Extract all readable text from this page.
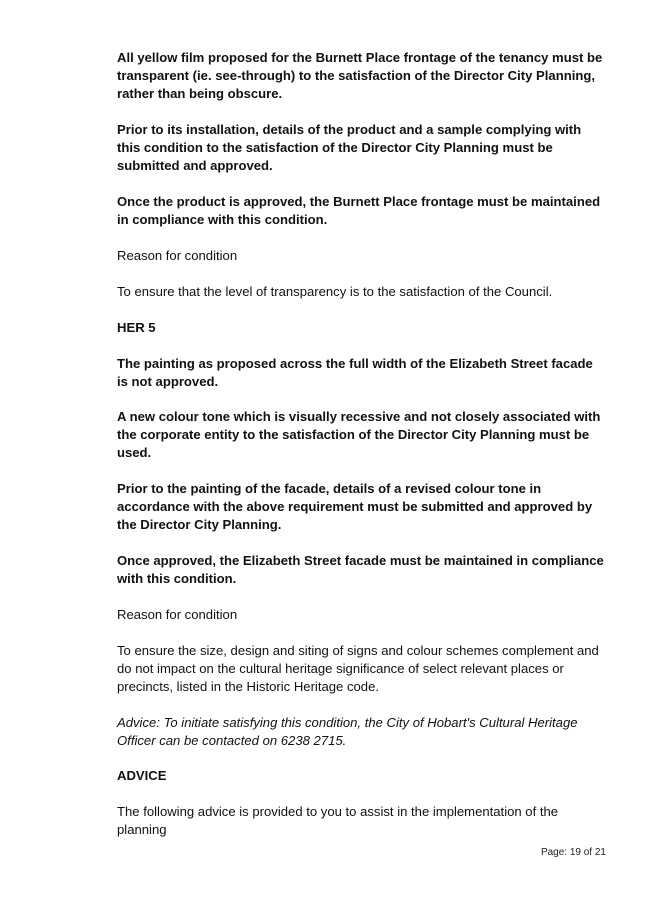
All yellow film proposed for the Burnett Place frontage of the tenancy must be transparent (ie. see-through) to the satisfaction of the Director City Planning, rather than being obscure.

Prior to its installation, details of the product and a sample complying with this condition to the satisfaction of the Director City Planning must be submitted and approved.

Once the product is approved, the Burnett Place frontage must be maintained in compliance with this condition.

Reason for condition

To ensure that the level of transparency is to the satisfaction of the Council.

HER 5

The painting as proposed across the full width of the Elizabeth Street facade is not approved.

A new colour tone which is visually recessive and not closely associated with the corporate entity to the satisfaction of the Director City Planning must be used.

Prior to the painting of the facade, details of a revised colour tone in accordance with the above requirement must be submitted and approved by the Director City Planning.

Once approved, the Elizabeth Street facade must be maintained in compliance with this condition.

Reason for condition

To ensure the size, design and siting of signs and colour schemes complement and do not impact on the cultural heritage significance of select relevant places or precincts, listed in the Historic Heritage code.

Advice: To initiate satisfying this condition, the City of Hobart's Cultural Heritage Officer can be contacted on 6238 2715.

ADVICE

The following advice is provided to you to assist in the implementation of the planning

Page: 19 of 21
